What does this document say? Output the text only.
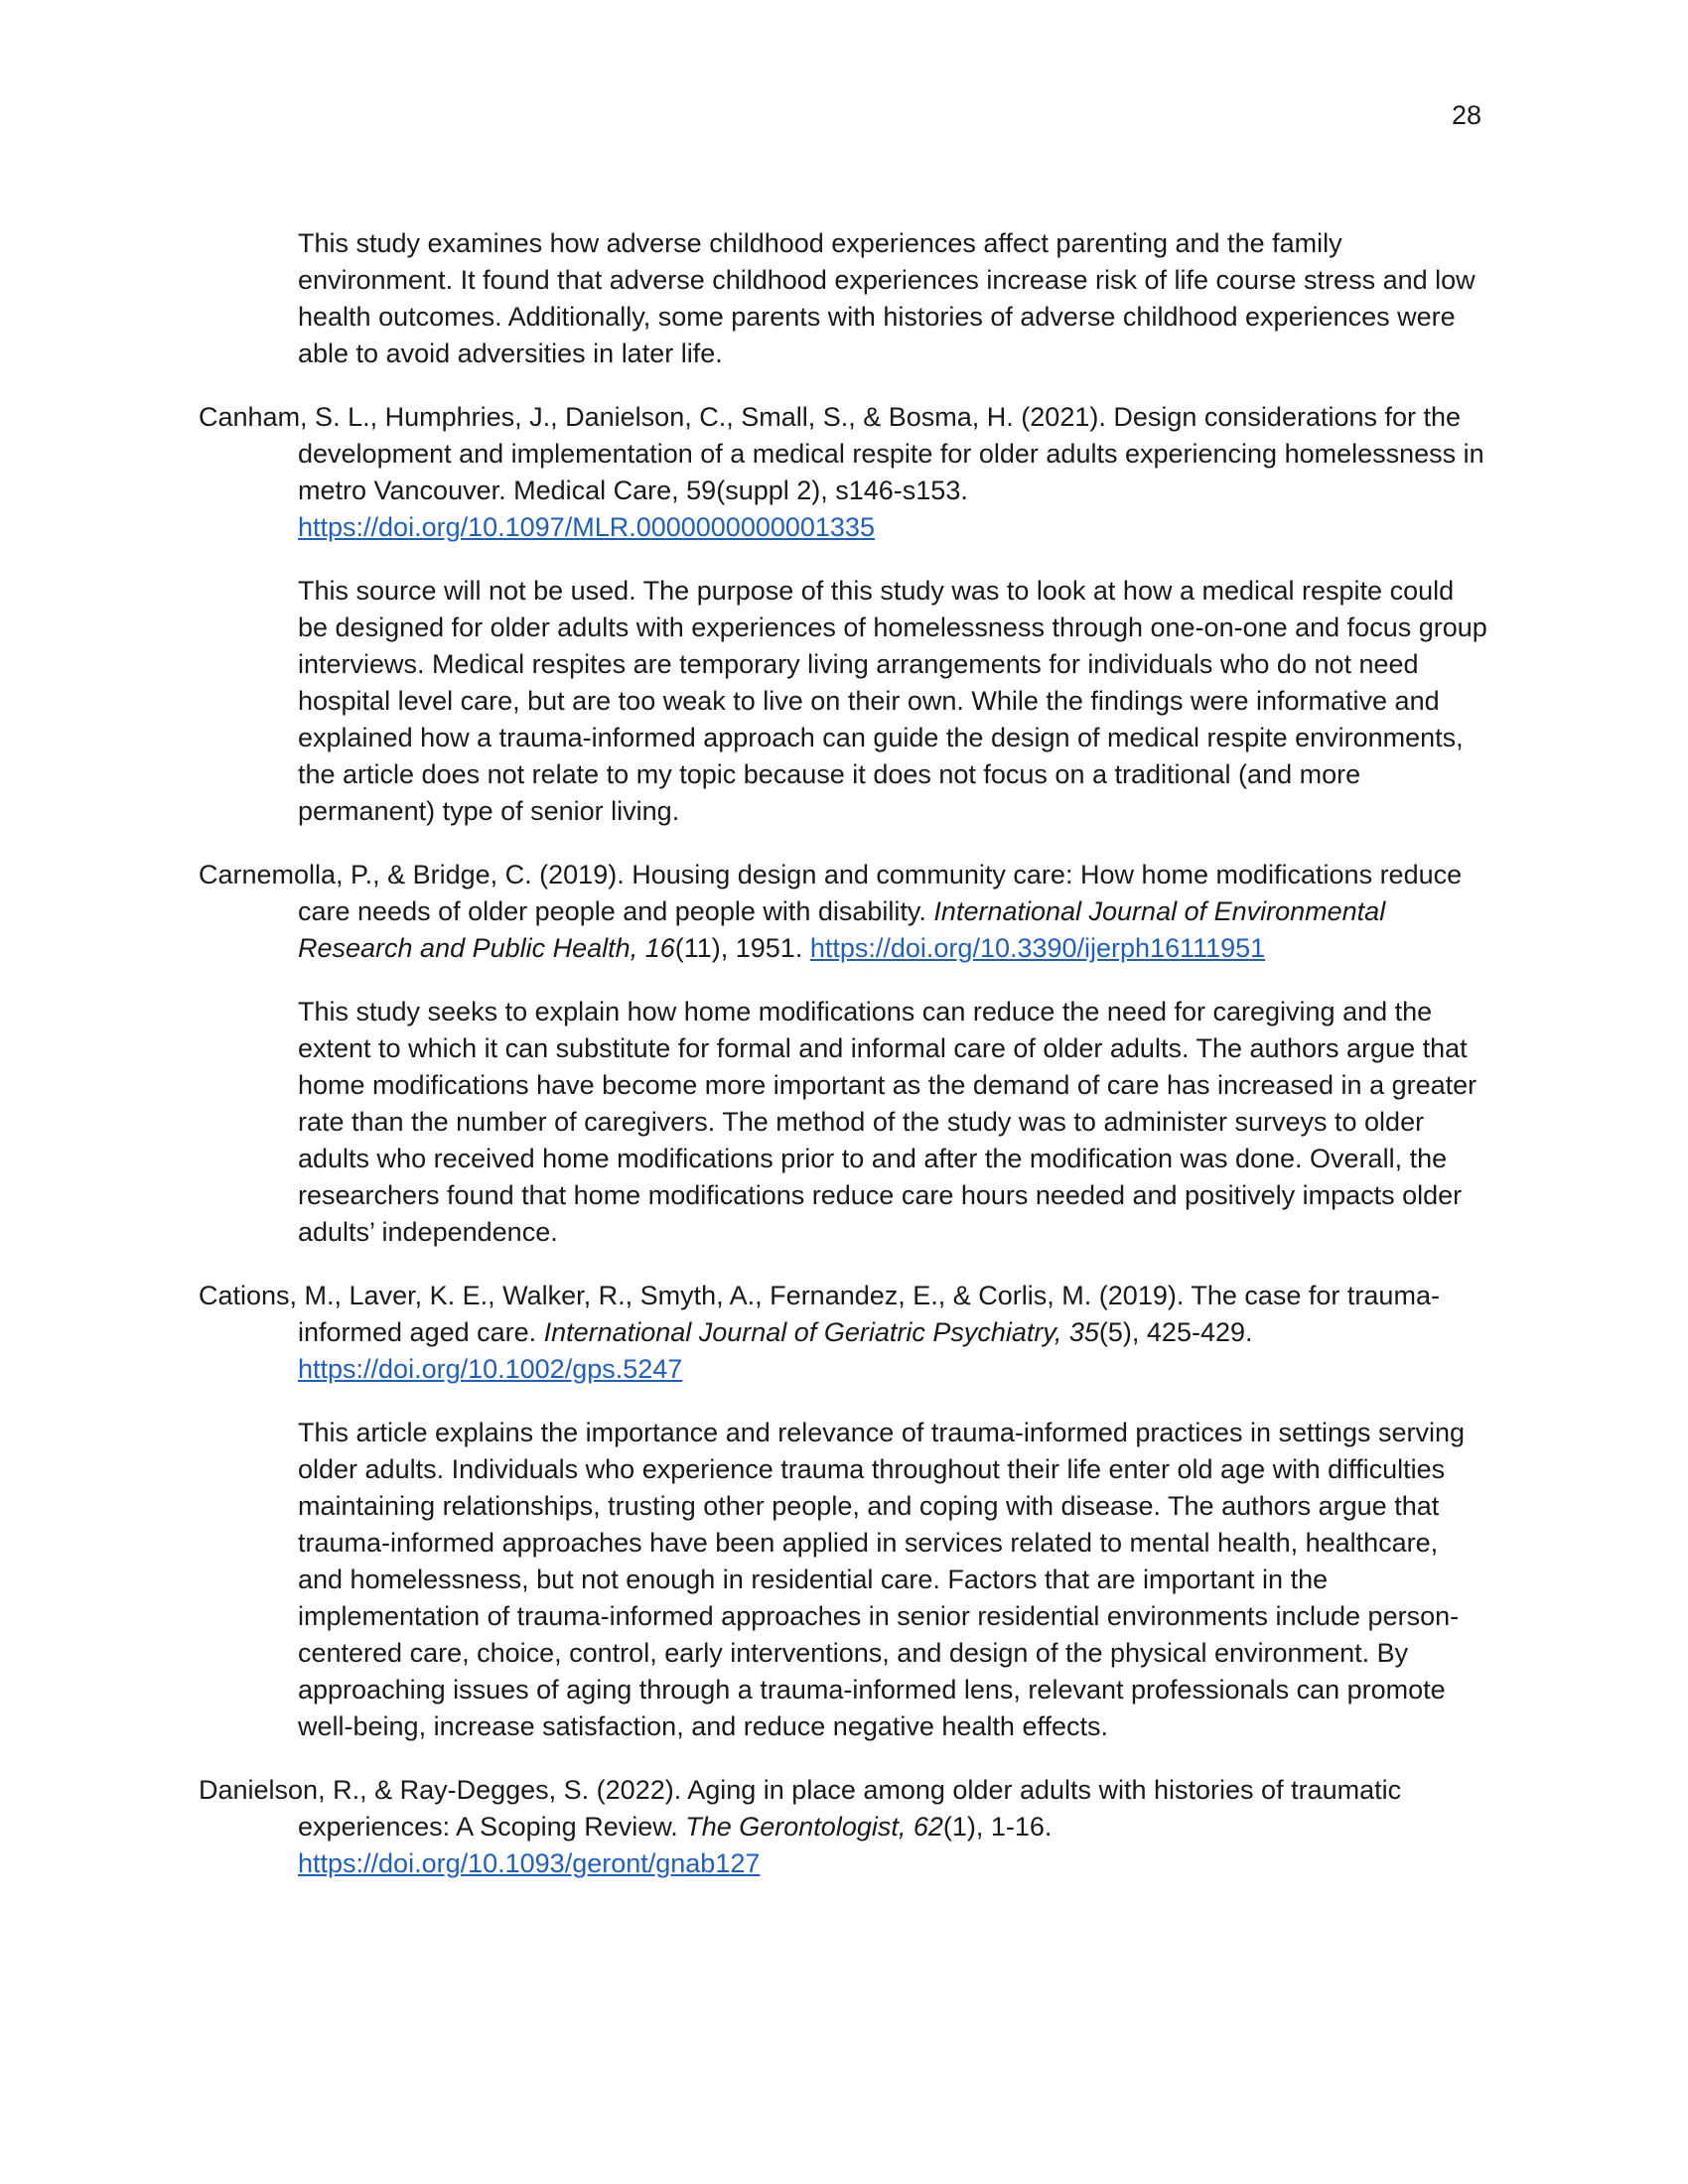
28

This study examines how adverse childhood experiences affect parenting and the family environment. It found that adverse childhood experiences increase risk of life course stress and low health outcomes. Additionally, some parents with histories of adverse childhood experiences were able to avoid adversities in later life.

Canham, S. L., Humphries, J., Danielson, C., Small, S., & Bosma, H. (2021). Design considerations for the development and implementation of a medical respite for older adults experiencing homelessness in metro Vancouver. Medical Care, 59(suppl 2), s146-s153. https://doi.org/10.1097/MLR.0000000000001335

This source will not be used. The purpose of this study was to look at how a medical respite could be designed for older adults with experiences of homelessness through one-on-one and focus group interviews. Medical respites are temporary living arrangements for individuals who do not need hospital level care, but are too weak to live on their own. While the findings were informative and explained how a trauma-informed approach can guide the design of medical respite environments, the article does not relate to my topic because it does not focus on a traditional (and more permanent) type of senior living.

Carnemolla, P., & Bridge, C. (2019). Housing design and community care: How home modifications reduce care needs of older people and people with disability. International Journal of Environmental Research and Public Health, 16(11), 1951. https://doi.org/10.3390/ijerph16111951

This study seeks to explain how home modifications can reduce the need for caregiving and the extent to which it can substitute for formal and informal care of older adults. The authors argue that home modifications have become more important as the demand of care has increased in a greater rate than the number of caregivers. The method of the study was to administer surveys to older adults who received home modifications prior to and after the modification was done. Overall, the researchers found that home modifications reduce care hours needed and positively impacts older adults’ independence.

Cations, M., Laver, K. E., Walker, R., Smyth, A., Fernandez, E., & Corlis, M. (2019). The case for trauma-informed aged care. International Journal of Geriatric Psychiatry, 35(5), 425-429. https://doi.org/10.1002/gps.5247

This article explains the importance and relevance of trauma-informed practices in settings serving older adults. Individuals who experience trauma throughout their life enter old age with difficulties maintaining relationships, trusting other people, and coping with disease. The authors argue that trauma-informed approaches have been applied in services related to mental health, healthcare, and homelessness, but not enough in residential care. Factors that are important in the implementation of trauma-informed approaches in senior residential environments include person-centered care, choice, control, early interventions, and design of the physical environment. By approaching issues of aging through a trauma-informed lens, relevant professionals can promote well-being, increase satisfaction, and reduce negative health effects.

Danielson, R., & Ray-Degges, S. (2022). Aging in place among older adults with histories of traumatic experiences: A Scoping Review. The Gerontologist, 62(1), 1-16. https://doi.org/10.1093/geront/gnab127
